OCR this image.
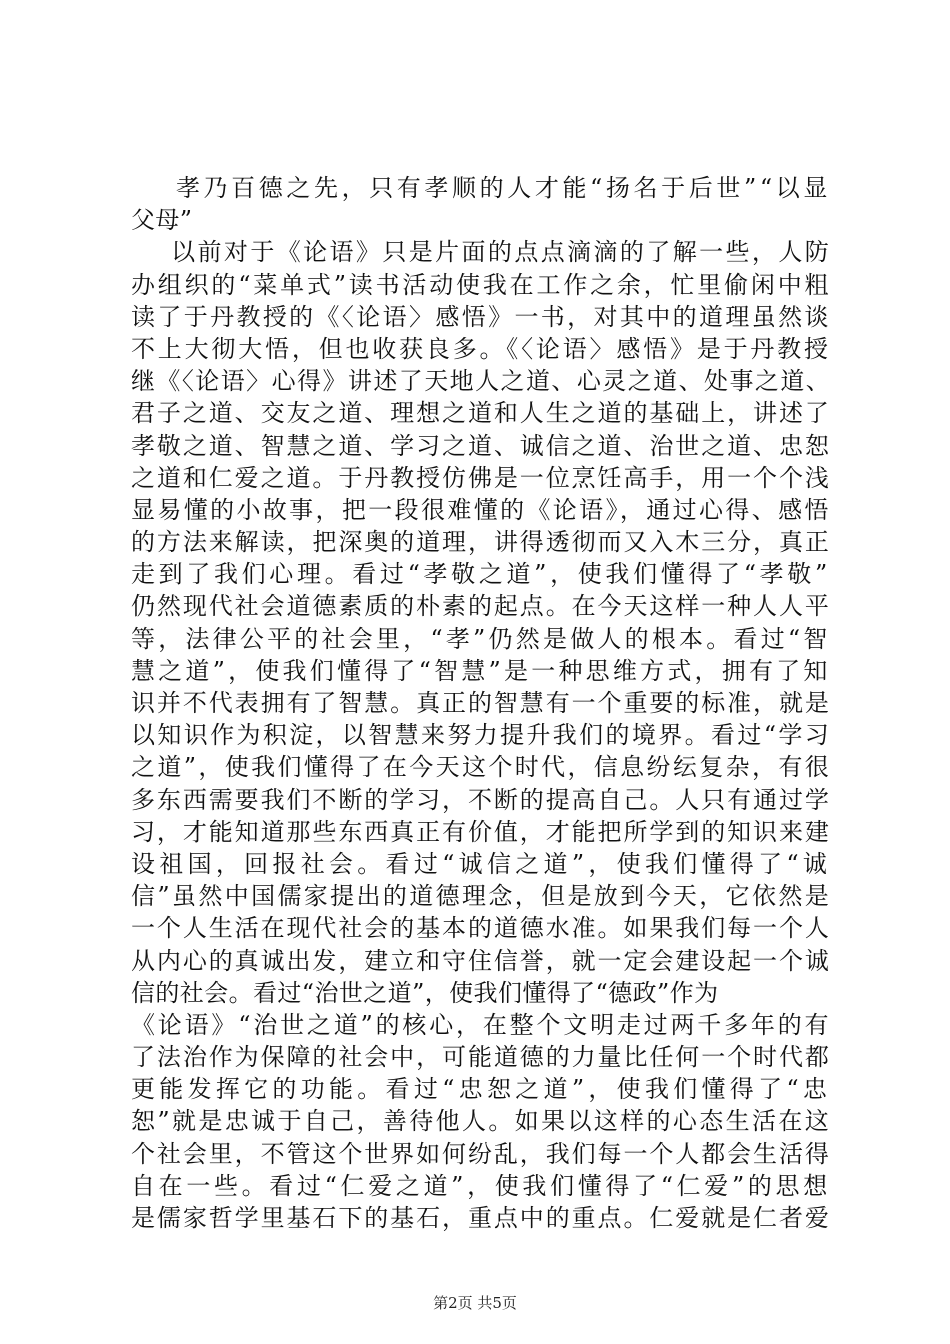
孝乃百德之先，只有孝顺的人才能“扬名于后世”“以显
父母”
以前对于《论语》只是片面的点点滴滴的了解一些，人防
办组织的“菜单式”读书活动使我在工作之余，忙里偷闲中粗
读了于丹教授的《〈论语〉感悟》一书，对其中的道理虽然谈
不上大彻大悟，但也收获良多。《〈论语〉感悟》是于丹教授
继《〈论语〉心得》讲述了天地人之道、心灵之道、处事之道、
君子之道、交友之道、理想之道和人生之道的基础上，讲述了
孝敬之道、智慧之道、学习之道、诚信之道、治世之道、忠恕
之道和仁爱之道。于丹教授仿佛是一位烹饪高手，用一个个浅
显易懂的小故事，把一段很难懂的《论语》，通过心得、感悟
的方法来解读，把深奥的道理，讲得透彻而又入木三分，真正
走到了我们心理。看过“孝敬之道”，使我们懂得了“孝敬”
仍然现代社会道德素质的朴素的起点。在今天这样一种人人平
等，法律公平的社会里，“孝”仍然是做人的根本。看过“智
慧之道”，使我们懂得了“智慧”是一种思维方式，拥有了知
识并不代表拥有了智慧。真正的智慧有一个重要的标准，就是
以知识作为积淀，以智慧来努力提升我们的境界。看过“学习
之道”，使我们懂得了在今天这个时代，信息纷纭复杂，有很
多东西需要我们不断的学习，不断的提高自己。人只有通过学
习，才能知道那些东西真正有价值，才能把所学到的知识来建
设祖国，回报社会。看过“诚信之道”，使我们懂得了“诚
信”虽然中国儒家提出的道德理念，但是放到今天，它依然是
一个人生活在现代社会的基本的道德水准。如果我们每一个人
从内心的真诚出发，建立和守住信誉，就一定会建设起一个诚
信的社会。看过“治世之道”，使我们懂得了“德政”作为
《论语》“治世之道”的核心，在整个文明走过两千多年的有
了法治作为保障的社会中，可能道德的力量比任何一个时代都
更能发挥它的功能。看过“忠恕之道”，使我们懂得了“忠
恕”就是忠诚于自己，善待他人。如果以这样的心态生活在这
个社会里，不管这个世界如何纷乱，我们每一个人都会生活得
自在一些。看过“仁爱之道”，使我们懂得了“仁爱”的思想
是儒家哲学里基石下的基石，重点中的重点。仁爱就是仁者爱
第2页 共5页
